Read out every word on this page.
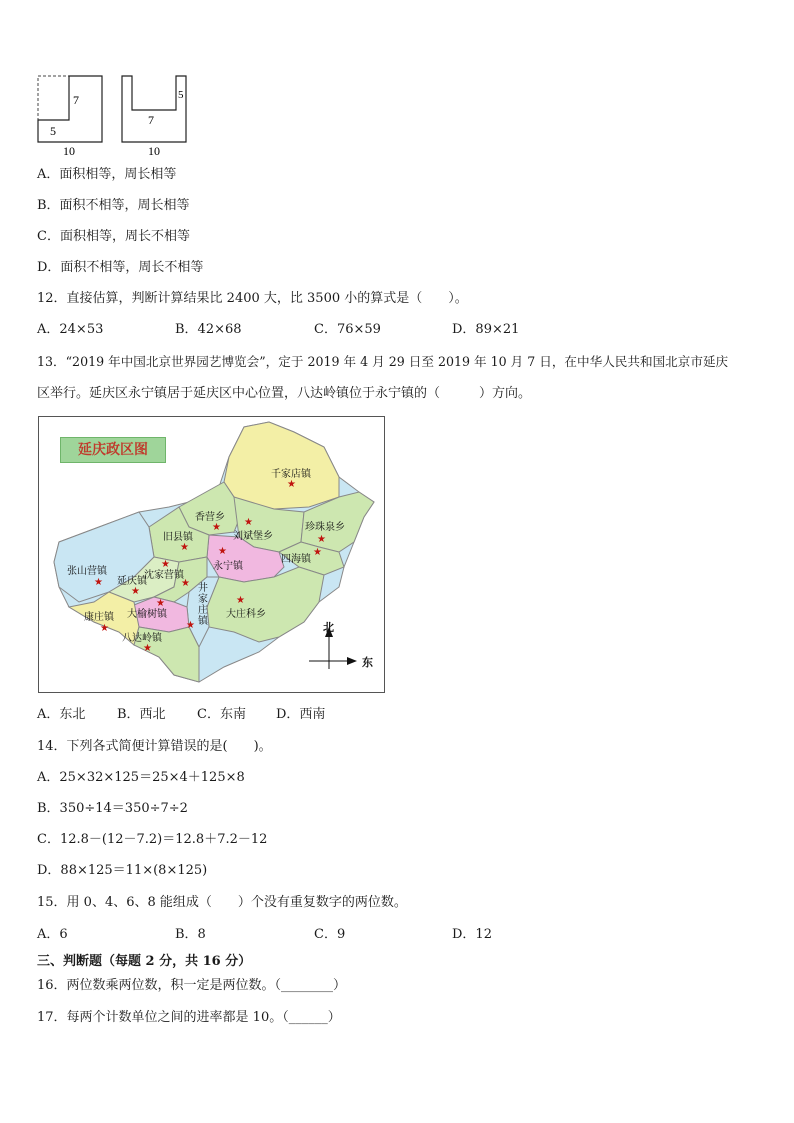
7
5
10
5
7
10
A．面积相等，周长相等
B．面积不相等，周长相等
C．面积相等，周长不相等
D．面积不相等，周长不相等
12．直接估算，判断计算结果比 2400 大，比 3500 小的算式是（　　）。
A．24×53	B．42×68	C．76×59	D．89×21
13．“2019 年中国北京世界园艺博览会”，定于 2019 年 4 月 29 日至 2019 年 10 月 7 日，在中华人民共和国北京市延庆
区举行。延庆区永宁镇居于延庆区中心位置，八达岭镇位于永宁镇的（　　　）方向。
延庆政区图
千家店镇
★
香营乡
★ ★
刘斌堡乡
珍珠泉乡
★
旧县镇
★	★
四海镇
★
永宁镇
★
沈家营镇
张山营镇
★ 延庆镇
★
★ 井家庄镇
★
大榆树镇
★
大庄科乡
康庄镇
★	★
八达岭镇
★
北
东
A．东北 B．西北 C．东南 D．西南
14．下列各式简便计算错误的是(　　)。
A．25×32×125＝25×4＋125×8
B．350÷14＝350÷7÷2
C．12.8－(12－7.2)＝12.8＋7.2－12
D．88×125＝11×(8×125)
15．用 0、4、6、8 能组成（　　）个没有重复数字的两位数。
A．6	B．8	C．9	D．12
三、判断题（每题 2 分，共 16 分）
16．两位数乘两位数，积一定是两位数。（________）
17．每两个计数单位之间的进率都是 10。（______）
